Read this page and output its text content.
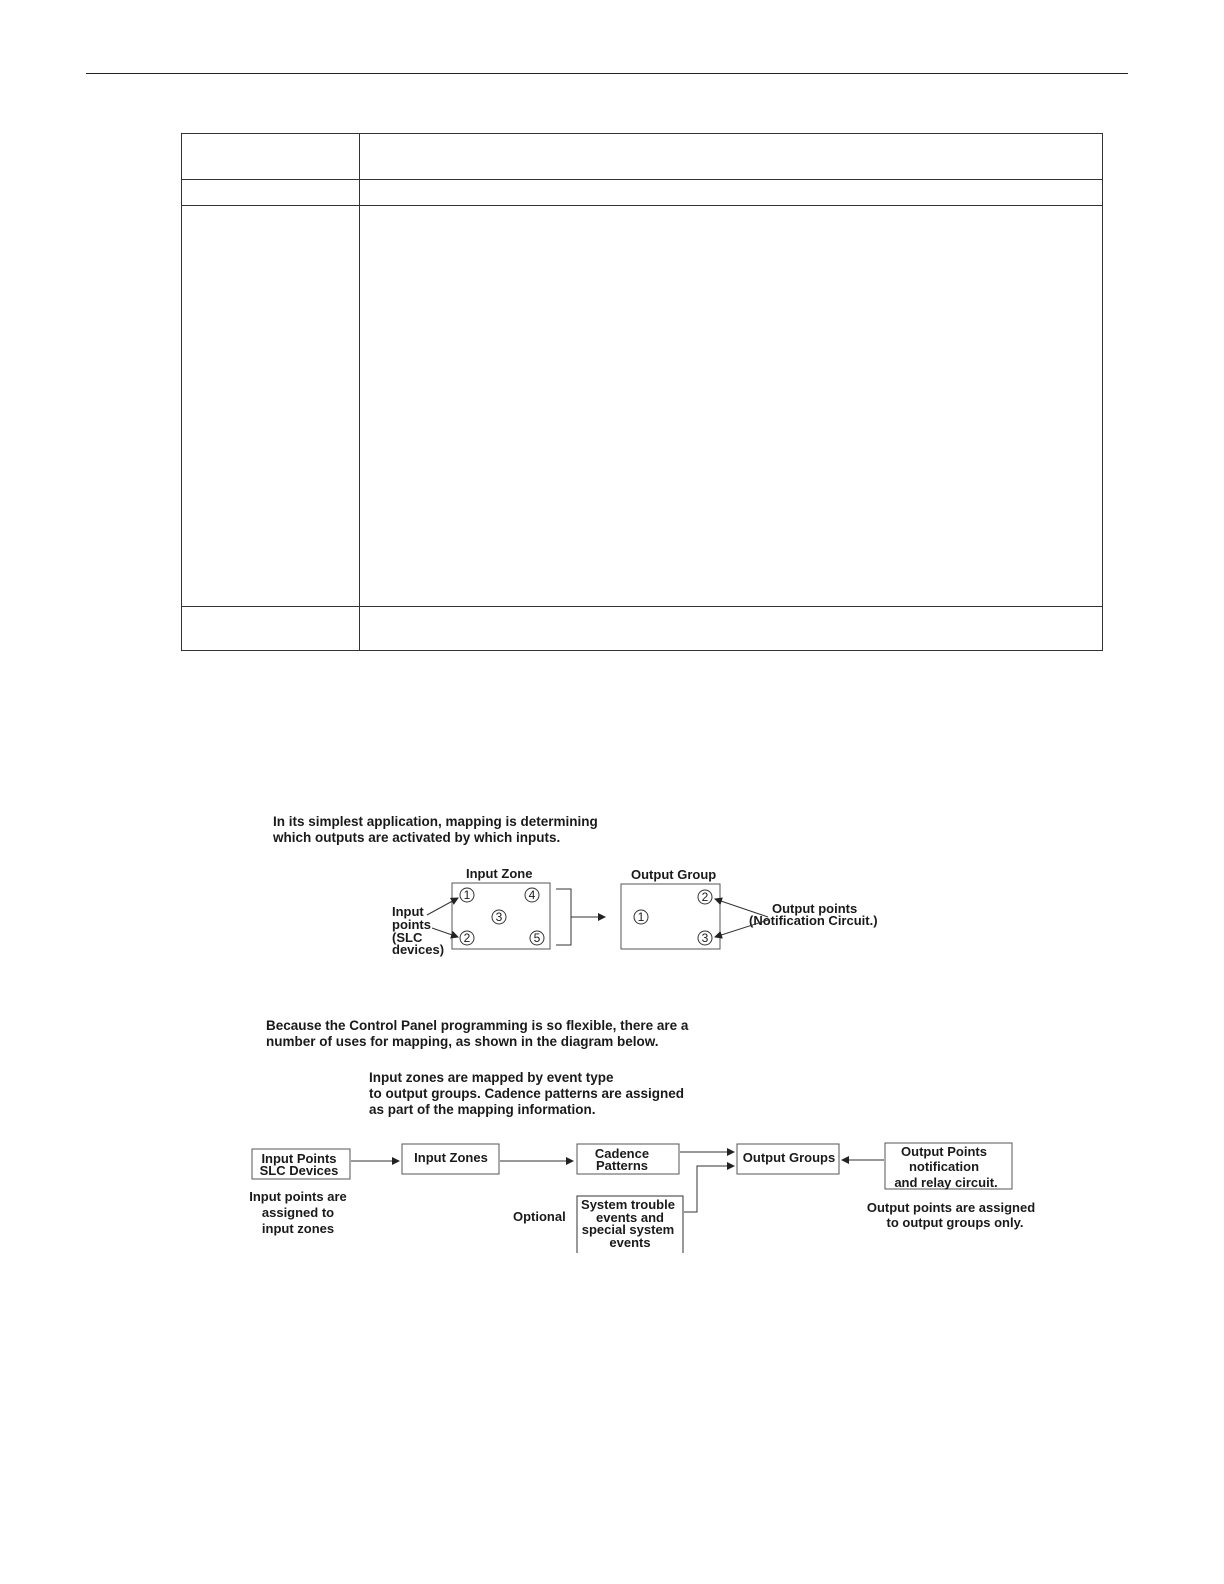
In its simplest application, mapping is determining
which outputs are activated by which inputs.
Input Zone
1	4
3
2	5
Input
points
(SLC
devices)
Output Group
2
1
3
Output points
(Notification Circuit.)
Because the Control Panel programming is so flexible, there are a
number of uses for mapping, as shown in the diagram below.
Input zones are mapped by event type
to output groups. Cadence patterns are assigned
as part of the mapping information.
Input Points
SLC Devices
Input points are
assigned to
input zones
Input Zones	Cadence
Patterns
Output Groups	Output Points
notification
and relay circuit.
Output points are assigned
to output groups only.
Optional
System trouble
events and
special system
events
